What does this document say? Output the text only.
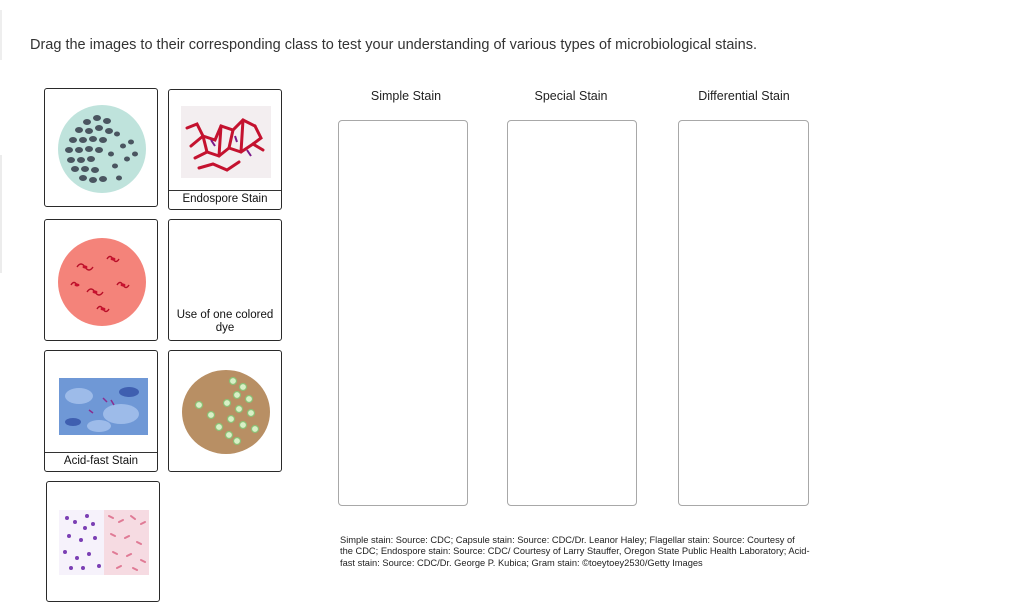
Drag the images to their corresponding class to test your understanding of various types of microbiological stains.
Endospore Stain
Use of one colored dye
Acid-fast Stain
Simple Stain	Special Stain	Differential Stain
Simple stain: Source: CDC; Capsule stain: Source: CDC/Dr. Leanor Haley; Flagellar stain: Source: Courtesy of the CDC; Endospore stain: Source: CDC/ Courtesy of Larry Stauffer, Oregon State Public Health Laboratory; Acid-fast stain: Source: CDC/Dr. George P. Kubica; Gram stain: ©toeytoey2530/Getty Images
